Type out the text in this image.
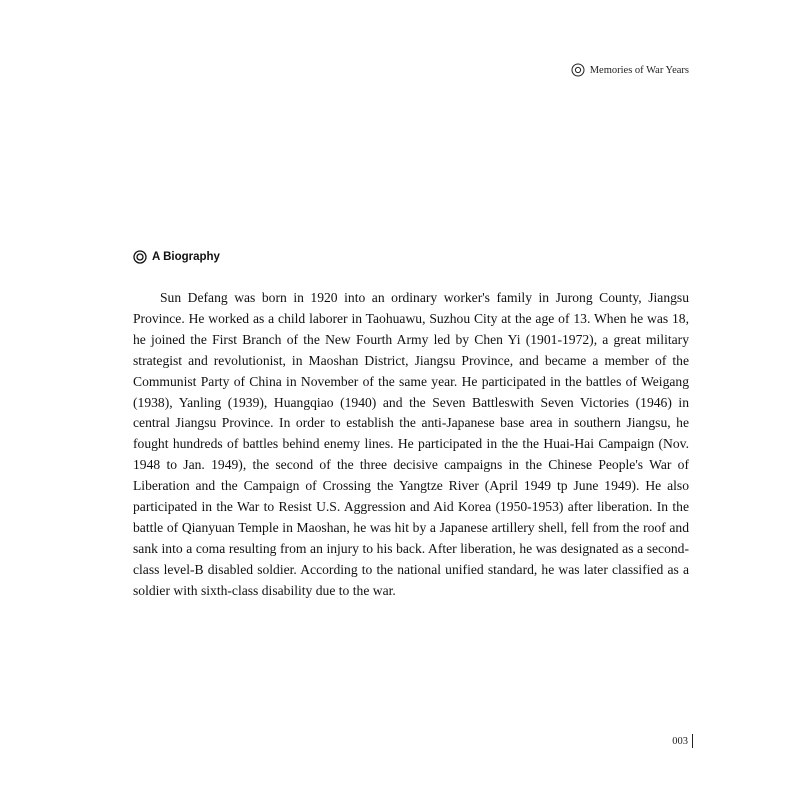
Memories of War Years
A Biography

Sun Defang was born in 1920 into an ordinary worker's family in Jurong County, Jiangsu Province. He worked as a child laborer in Taohuawu, Suzhou City at the age of 13. When he was 18, he joined the First Branch of the New Fourth Army led by Chen Yi (1901-1972), a great military strategist and revolutionist, in Maoshan District, Jiangsu Province, and became a member of the Communist Party of China in November of the same year. He participated in the battles of Weigang (1938), Yanling (1939), Huangqiao (1940) and the Seven Battleswith Seven Victories (1946) in central Jiangsu Province. In order to establish the anti-Japanese base area in southern Jiangsu, he fought hundreds of battles behind enemy lines. He participated in the the Huai-Hai Campaign (Nov. 1948 to Jan. 1949), the second of the three decisive campaigns in the Chinese People's War of Liberation and the Campaign of Crossing the Yangtze River (April 1949 tp June 1949). He also participated in the War to Resist U.S. Aggression and Aid Korea (1950-1953) after liberation. In the battle of Qianyuan Temple in Maoshan, he was hit by a Japanese artillery shell, fell from the roof and sank into a coma resulting from an injury to his back. After liberation, he was designated as a second-class level-B disabled soldier. According to the national unified standard, he was later classified as a soldier with sixth-class disability due to the war.

003
